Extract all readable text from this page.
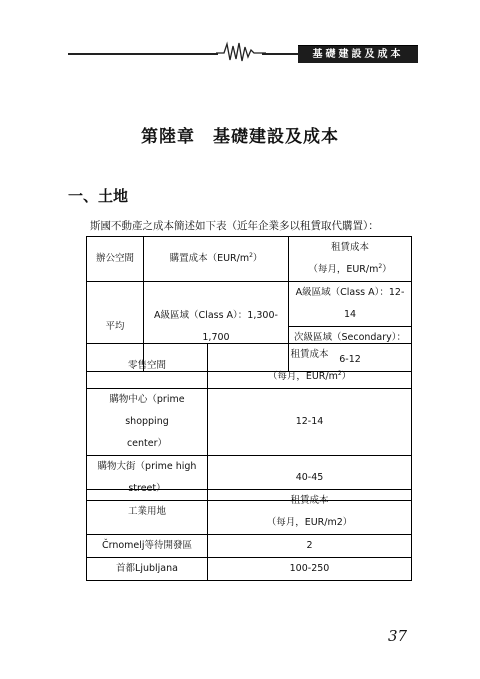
基礎建設及成本
第陸章　基礎建設及成本
一、土地
斯國不動產之成本簡述如下表（近年企業多以租賃取代購置）：
辦公空間	購置成本$(EUR/m^2)$	租賃成本
（每月，EUR/$m^2$）

平均	A級區域（Class A）：1,300-1,700	A級區域（Class A）：12-14
		次級區域（Secondary）：6-12
零售空間	租賃成本
（每月，EUR/$m^2$）

購物中心（prime shopping
center）	12-14

購物大街（prime high
street）	40-45
工業用地	租賃成本
（每月，EUR/m2）

Črnomelj等待開發區	2
首都Ljubljana	100-250
37
